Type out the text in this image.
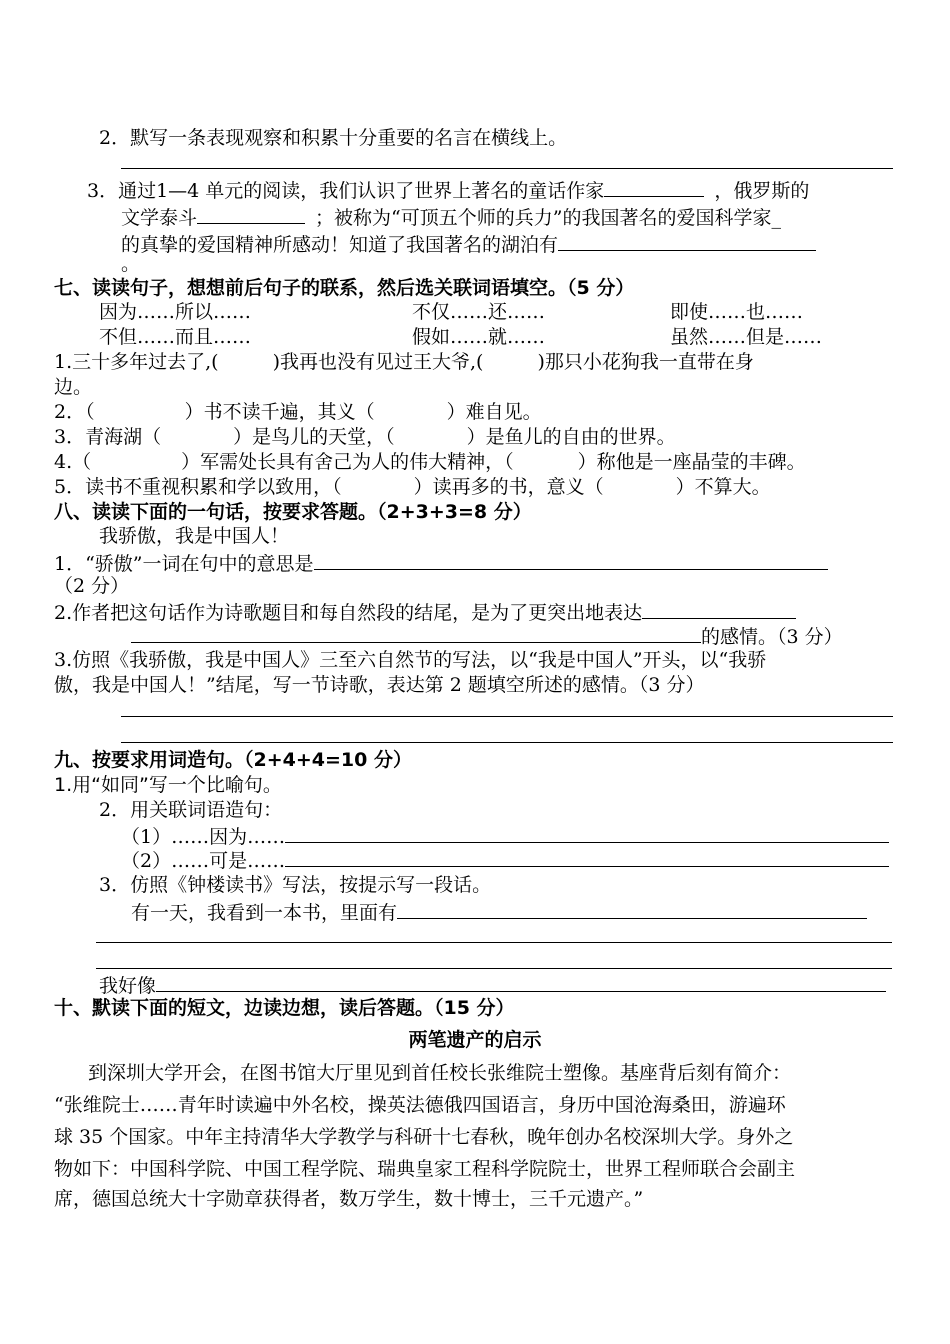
2．默写一条表现观察和积累十分重要的名言在横线上。
3．通过1—4 单元的阅读，我们认识了世界上著名的童话作家	，俄罗斯的
文学泰斗	；被称为“可顶五个师的兵力”的我国著名的爱国科学家_
的真挚的爱国精神所感动！知道了我国著名的湖泊有
。
七、读读句子，想想前后句子的联系，然后选关联词语填空。（5 分）
因为……所以……	不仅……还……	即使……也……
不但……而且……	假如……就……	虽然……但是……
1.三十多年过去了,(	)我再也没有见过王大爷,(	)那只小花狗我一直带在身
边。
2．（	）书不读千遍，其义（	）难自见。
3．青海湖（	）是鸟儿的天堂，（	）是鱼儿的自由的世界。
4.（	）军需处长具有舍己为人的伟大精神，（	）称他是一座晶莹的丰碑。
5．读书不重视积累和学以致用，（	）读再多的书，意义（	）不算大。
八、读读下面的一句话，按要求答题。（2+3+3=8 分）
我骄傲，我是中国人！
1．“骄傲”一词在句中的意思是
（2 分）
2.作者把这句话作为诗歌题目和每自然段的结尾，是为了更突出地表达
的感情。（3 分）
3.仿照《我骄傲，我是中国人》三至六自然节的写法，以“我是中国人”开头，以“我骄
傲，我是中国人！”结尾，写一节诗歌，表达第 2 题填空所述的感情。（3 分）
九、按要求用词造句。（2+4+4=10 分）
1.用“如同”写一个比喻句。
2．用关联词语造句：
（1）……因为……
（2）……可是……
3．仿照《钟楼读书》写法，按提示写一段话。
有一天，我看到一本书，里面有
我好像
十、默读下面的短文，边读边想，读后答题。（15 分）
两笔遗产的启示
到深圳大学开会，在图书馆大厅里见到首任校长张维院士塑像。基座背后刻有简介：
“张维院士……青年时读遍中外名校，操英法德俄四国语言，身历中国沧海桑田，游遍环
球 35 个国家。中年主持清华大学教学与科研十七春秋，晚年创办名校深圳大学。身外之
物如下：中国科学院、中国工程学院、瑞典皇家工程科学院院士，世界工程师联合会副主
席，德国总统大十字勋章获得者，数万学生，数十博士，三千元遗产。”
